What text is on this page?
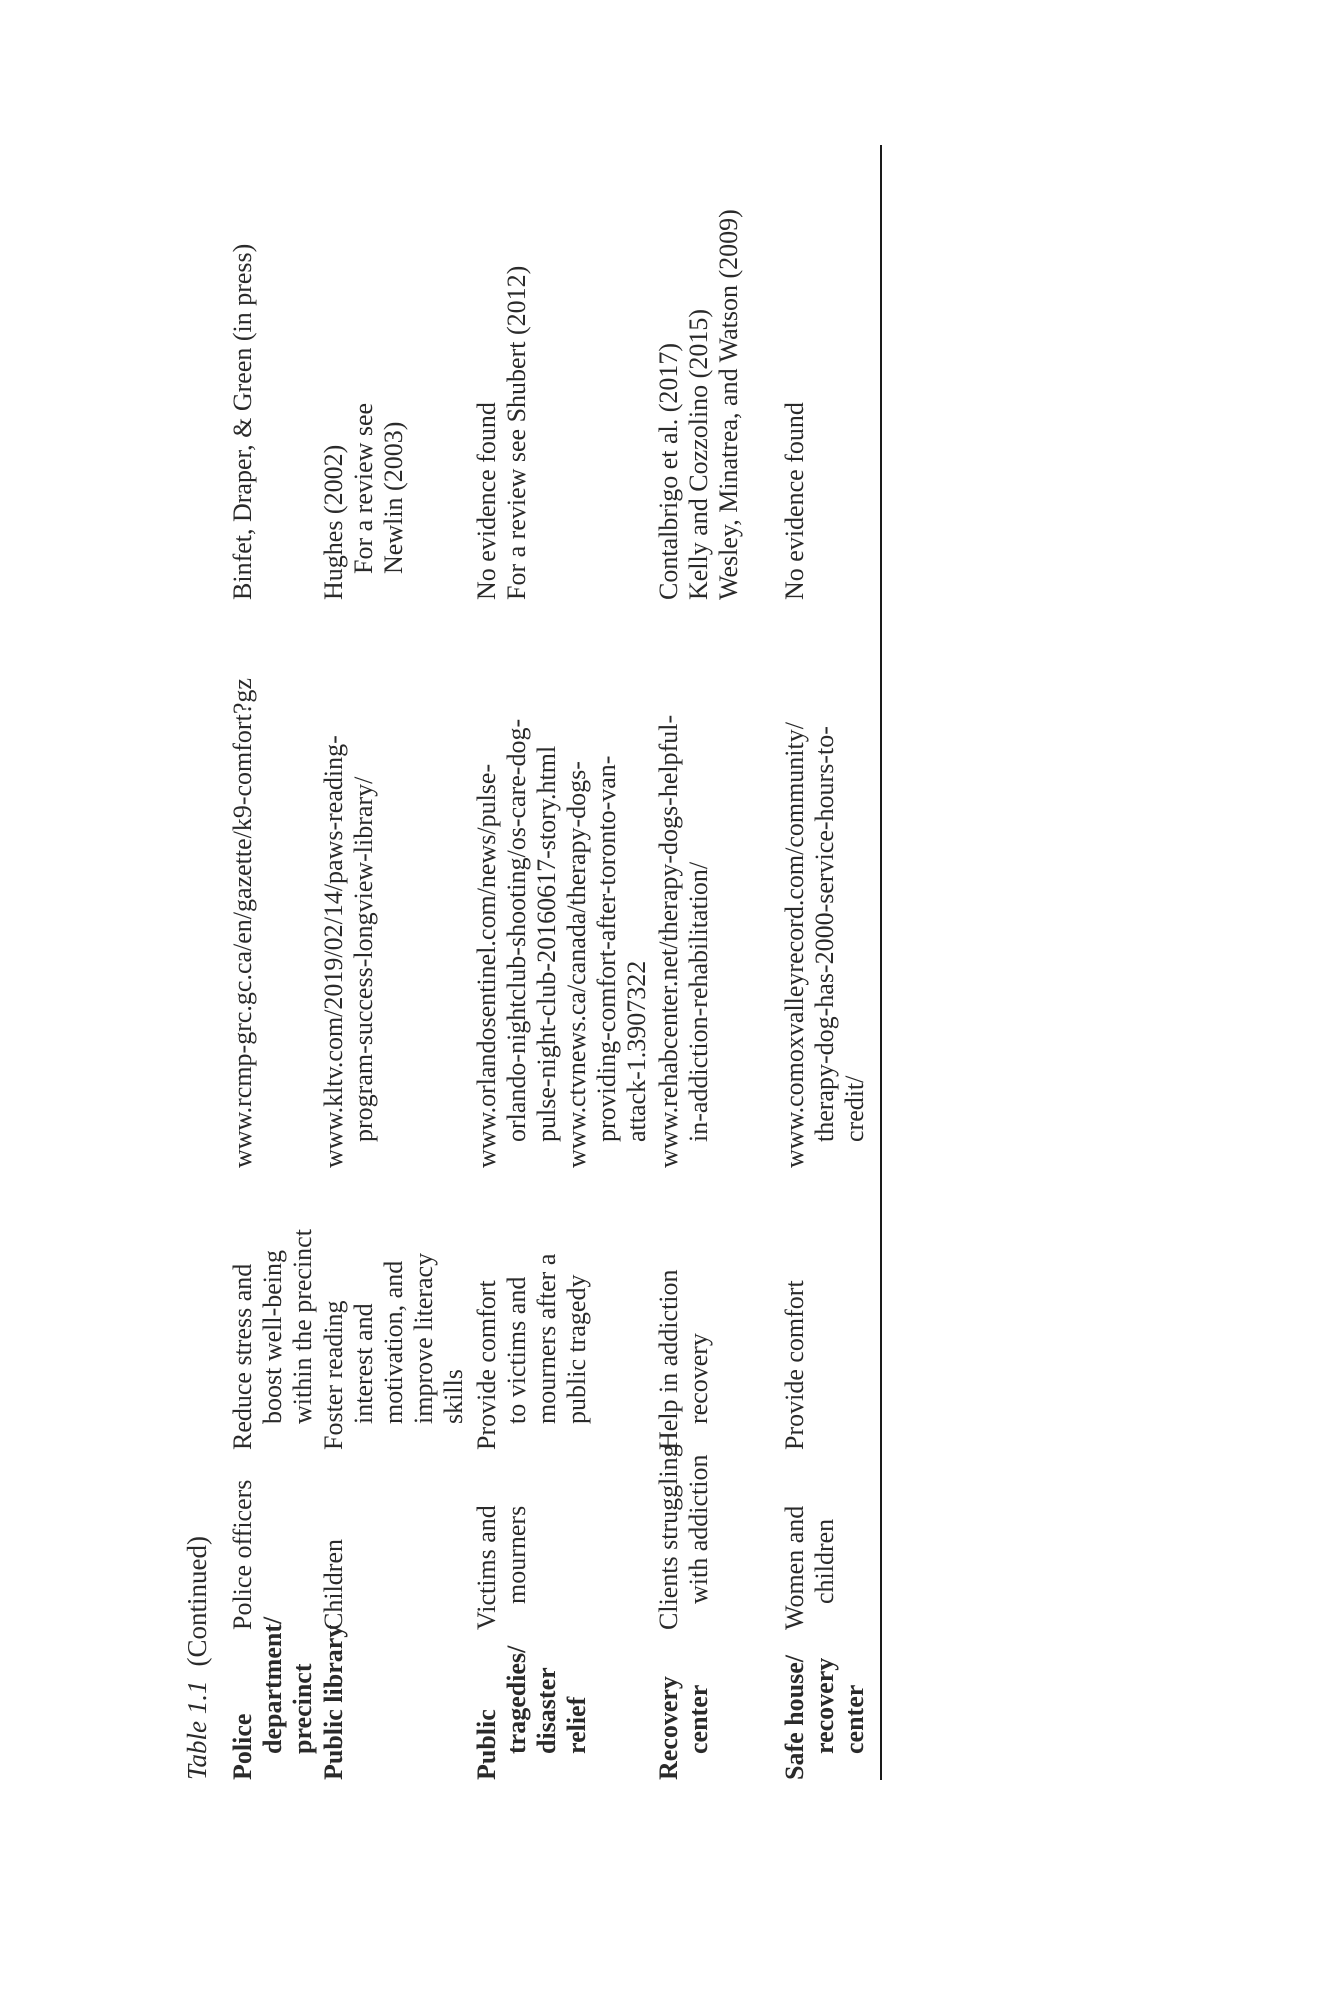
Table 1.1(Continued)
Police department/ precinct
Police officers
Reduce stress and boost well-being within the precinct
www.rcmp-grc.gc.ca/en/gazette/k9-comfort?gz
Binfet, Draper, & Green (in press)
Public library
Children
Foster reading interest and motivation, and improve literacy skills
www.kltv.com/2019/02/14/paws-reading- program-success-longview-library/
Hughes (2002) For a review see Newlin (2003)
Public tragedies/ disaster relief
Victims and mourners
Provide comfort to victims and mourners after a public tragedy
www.orlandosentinel.com/news/pulse- orlando-nightclub-shooting/os-care-dog- pulse-night-club-20160617-story.html www.ctvnews.ca/canada/therapy-dogs- providing-comfort-after-toronto-van- attack-1.3907322
No evidence found For a review see Shubert (2012)
Recovery center
Clients struggling with addiction
Help in addiction recovery
www.rehabcenter.net/therapy-dogs-helpful- in-addiction-rehabilitation/
Contalbrigo et al. (2017) Kelly and Cozzolino (2015) Wesley, Minatrea, and Watson (2009)
Safe house/ recovery center
Women and children
Provide comfort
www.comoxvalleyrecord.com/community/ therapy-dog-has-2000-service-hours-to- credit/
No evidence found
